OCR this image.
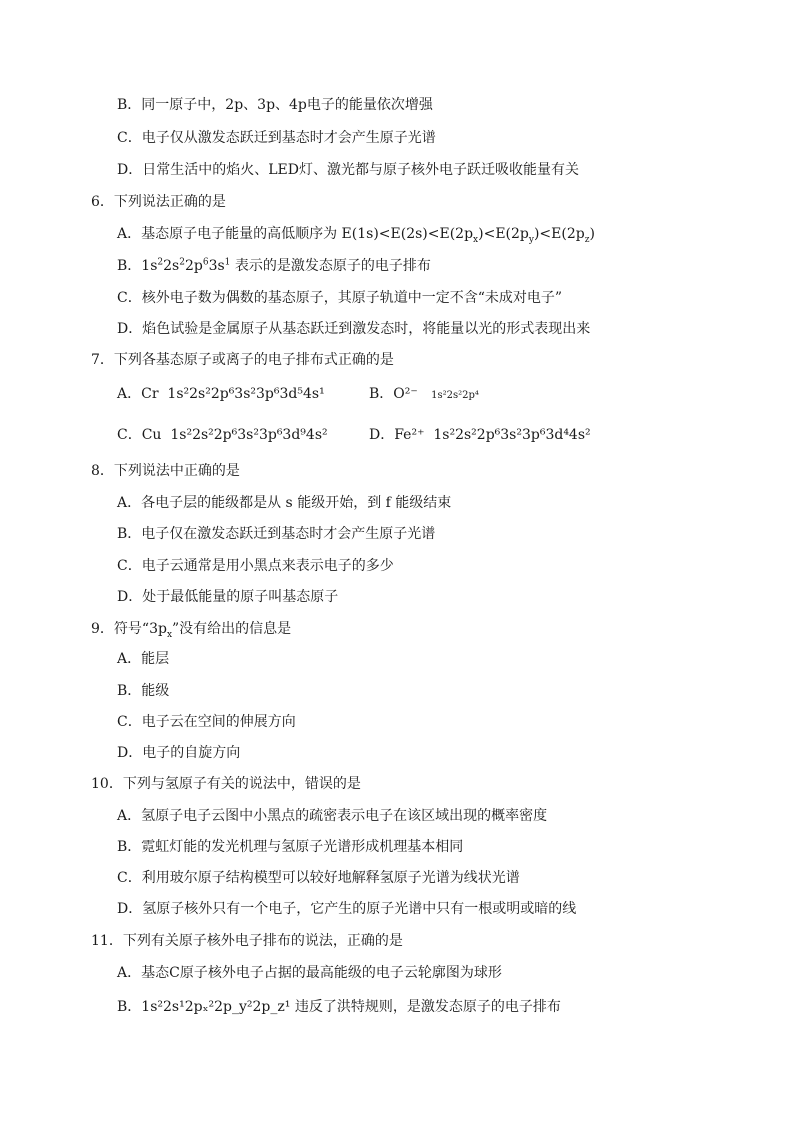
B．同一原子中，2p、3p、4p电子的能量依次增强
C．电子仅从激发态跃迁到基态时才会产生原子光谱
D．日常生活中的焰火、LED灯、激光都与原子核外电子跃迁吸收能量有关
6．下列说法正确的是
A．基态原子电子能量的高低顺序为 $E(1s)<E(2s)<E(2p_x)<E(2p_y)<E(2p_z)$
B．$1s^22s^22p^63s^1$ 表示的是激发态原子的电子排布
C．核外电子数为偶数的基态原子，其原子轨道中一定不含“未成对电子”
D．焰色试验是金属原子从基态跃迁到激发态时，将能量以光的形式表现出来
7．下列各基态原子或离子的电子排布式正确的是
A．Cr 1s²2s²2p⁶3s²3p⁶3d⁵4s¹	B．O²⁻ 1s²2s²2p⁴
C．Cu 1s²2s²2p⁶3s²3p⁶3d⁹4s²	D．Fe²⁺ 1s²2s²2p⁶3s²3p⁶3d⁴4s²
8．下列说法中正确的是
A．各电子层的能级都是从 s 能级开始，到 f 能级结束
B．电子仅在激发态跃迁到基态时才会产生原子光谱
C．电子云通常是用小黑点来表示电子的多少
D．处于最低能量的原子叫基态原子
9．符号“$3p_x$”没有给出的信息是
A．能层
B．能级
C．电子云在空间的伸展方向
D．电子的自旋方向
10．下列与氢原子有关的说法中，错误的是
A．氢原子电子云图中小黑点的疏密表示电子在该区域出现的概率密度
B．霓虹灯能的发光机理与氢原子光谱形成机理基本相同
C．利用玻尔原子结构模型可以较好地解释氢原子光谱为线状光谱
D．氢原子核外只有一个电子，它产生的原子光谱中只有一根或明或暗的线
11．下列有关原子核外电子排布的说法，正确的是
A．基态C原子核外电子占据的最高能级的电子云轮廓图为球形
B．1s²2s¹2pₓ²2p_y²2p_z¹ 违反了洪特规则，是激发态原子的电子排布
